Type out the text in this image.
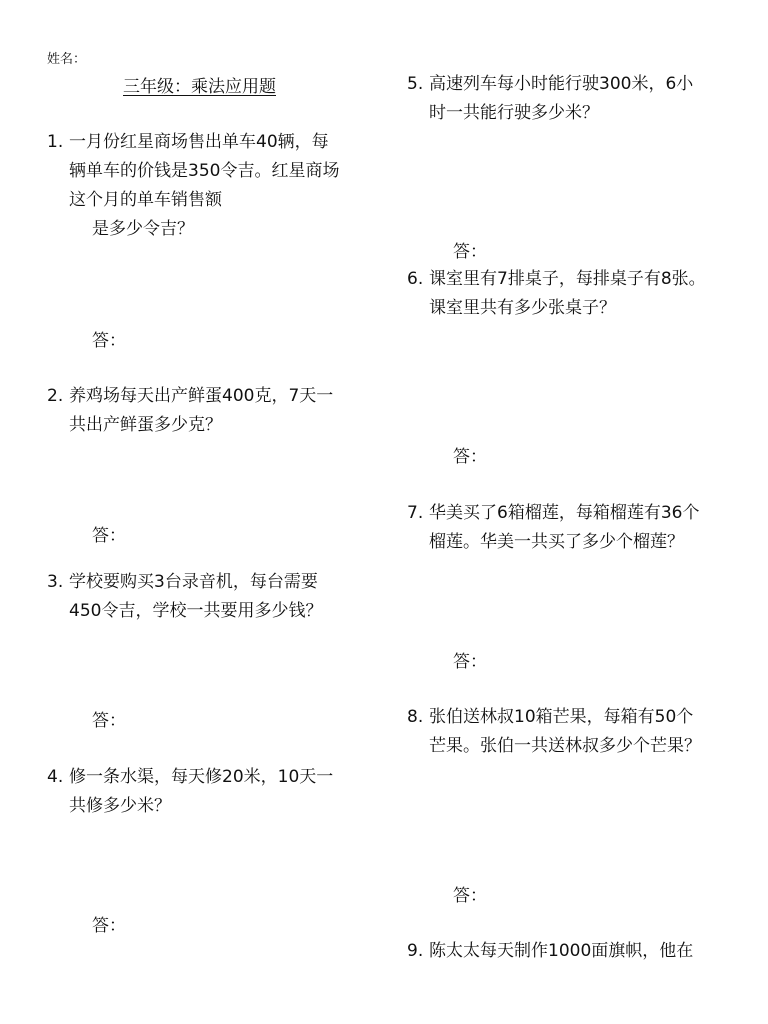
姓名：
三年级：乘法应用题
1. 一月份红星商场售出单车40辆，每
辆单车的价钱是350令吉。红星商场
这个月的单车销售额
是多少令吉？
答：
2. 养鸡场每天出产鲜蛋400克，7天一
共出产鲜蛋多少克？
答：
3. 学校要购买3台录音机，每台需要
450令吉，学校一共要用多少钱？
答：
4. 修一条水渠，每天修20米，10天一
共修多少米？
答：
5. 高速列车每小时能行驶300米，6小
时一共能行驶多少米？
答：
6. 课室里有7排桌子，每排桌子有8张。
课室里共有多少张桌子？
答：
7. 华美买了6箱榴莲，每箱榴莲有36个
榴莲。华美一共买了多少个榴莲？
答：
8. 张伯送林叔10箱芒果，每箱有50个
芒果。张伯一共送林叔多少个芒果？
答：
9. 陈太太每天制作1000面旗帜，他在
